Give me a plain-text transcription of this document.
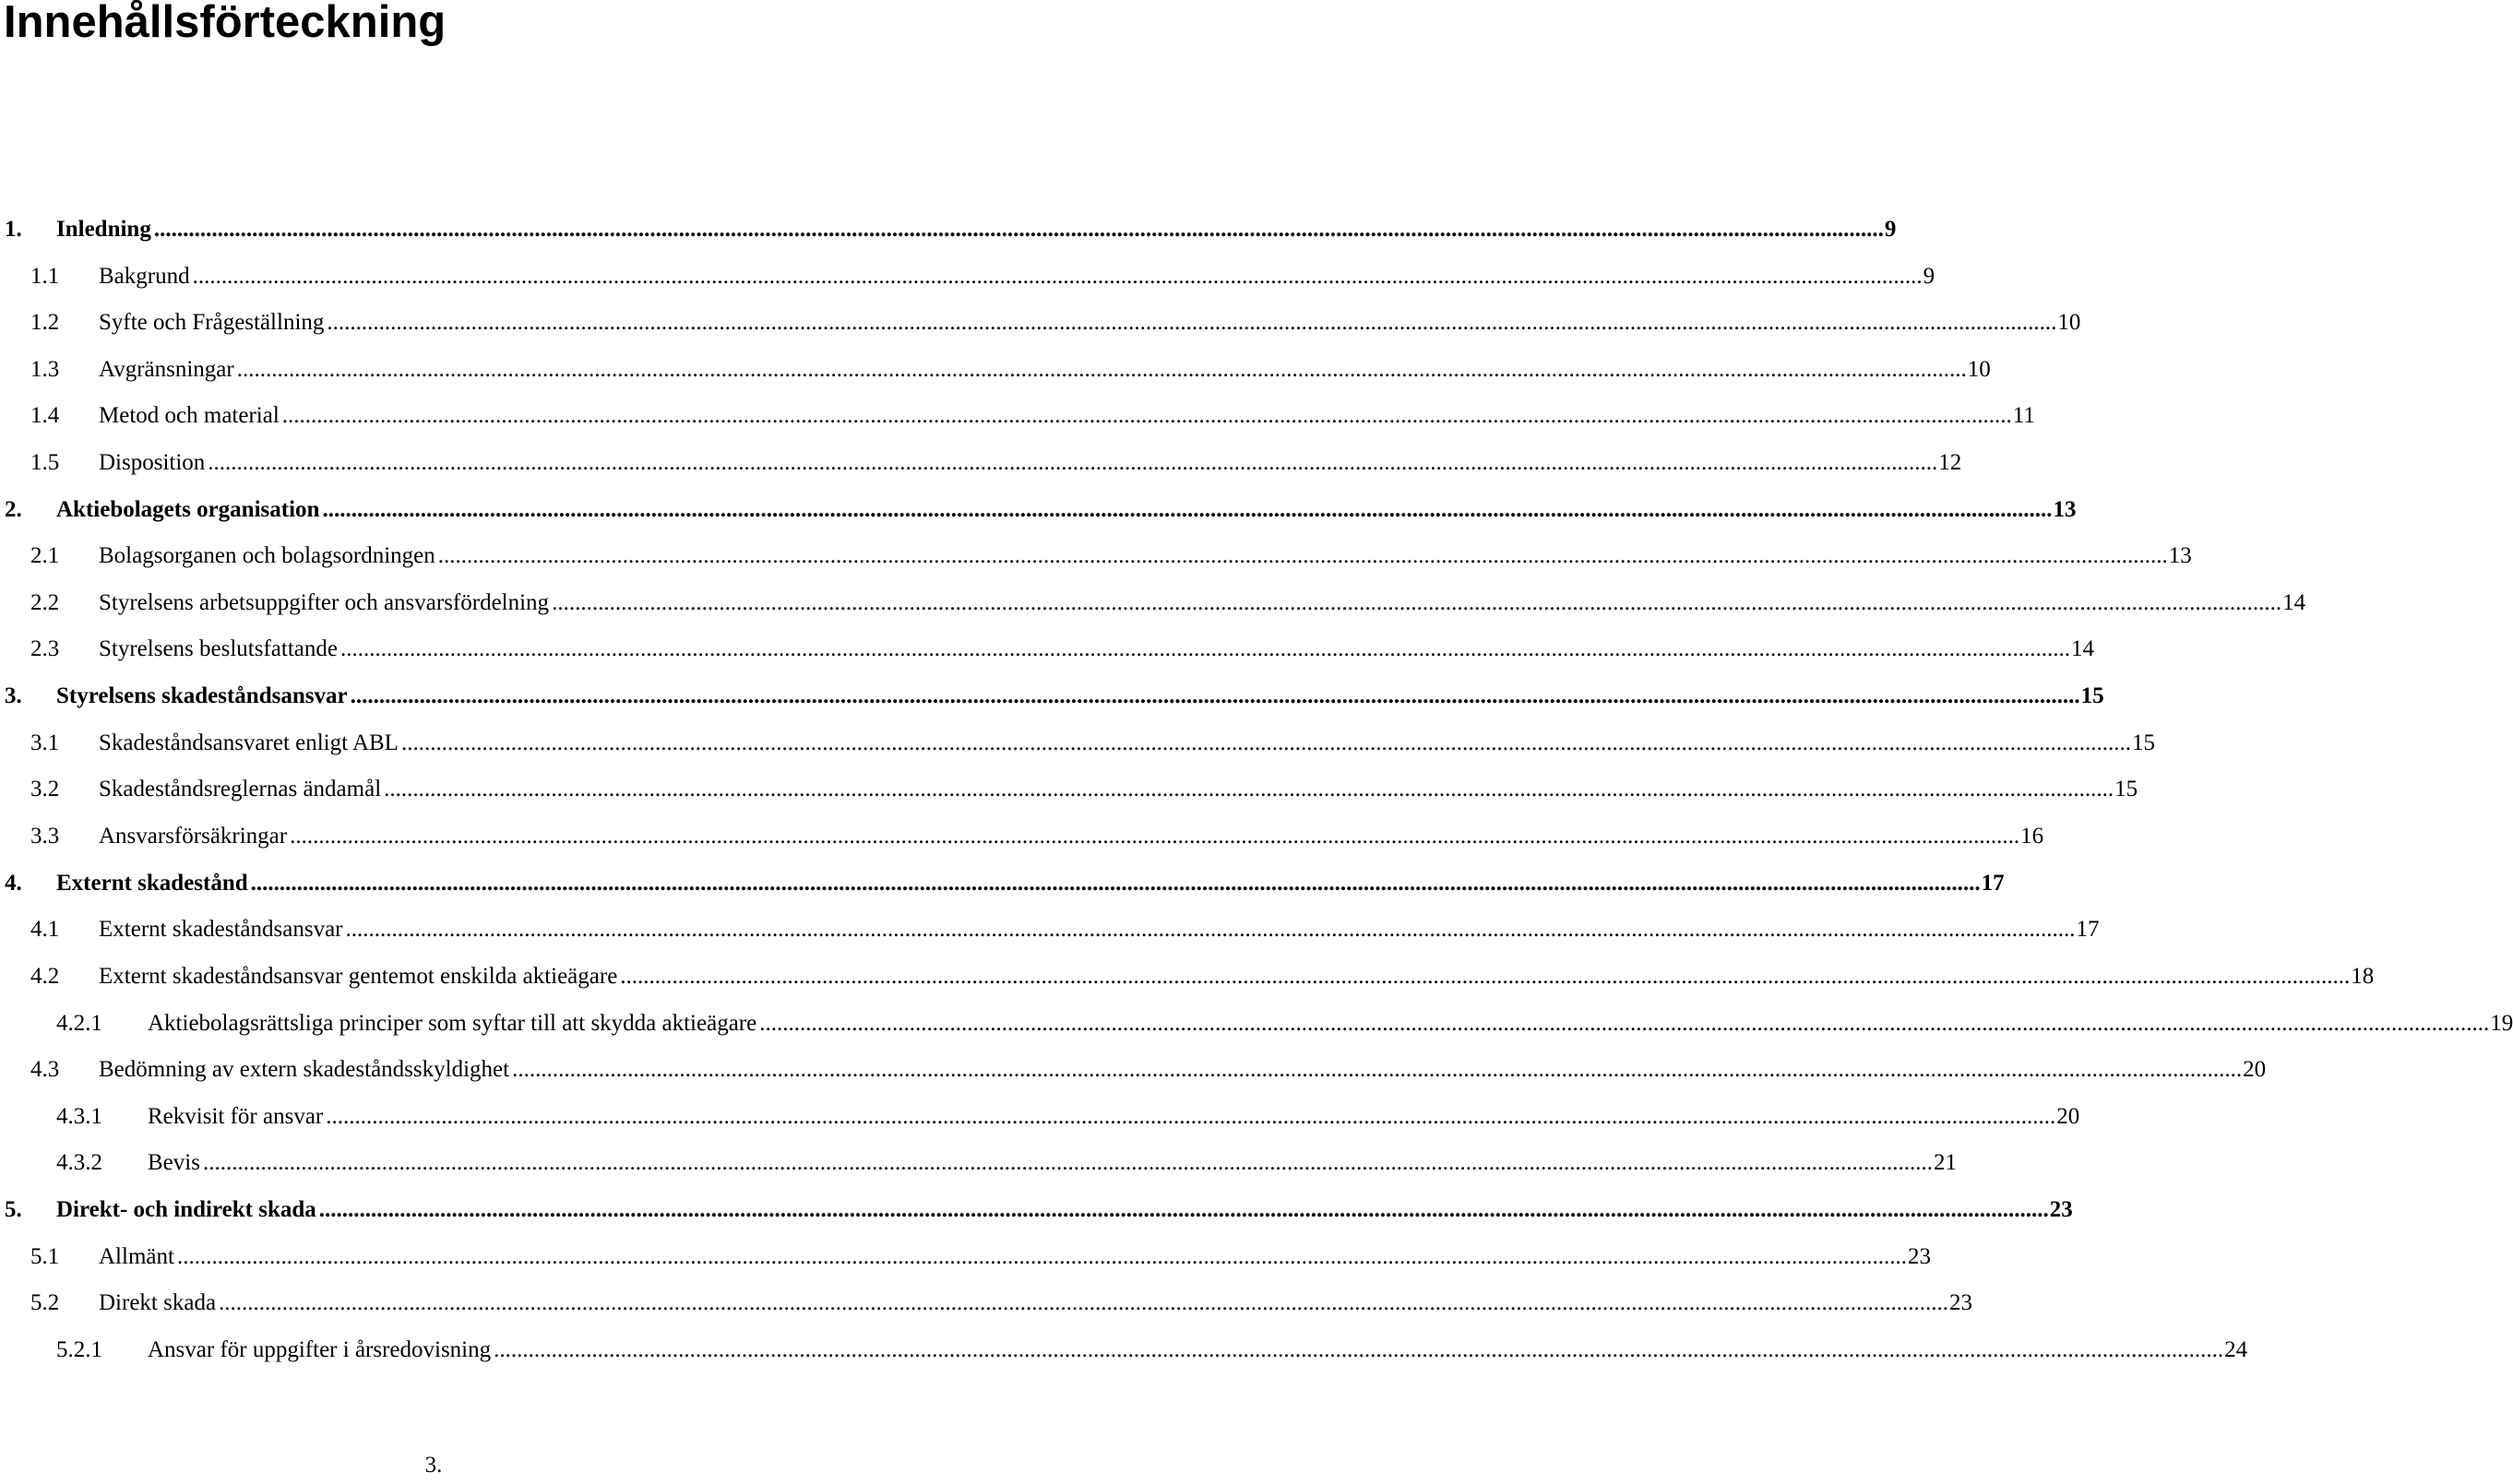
Innehållsförteckning
1. Inledning ............................................................................................................................................................................................................................................................................................................ 9
1.1 Bakgrund ............................................................................................................................................................................................................................................................................................................ 9
1.2 Syfte och Frågeställning ............................................................................................................................................................................................................................................................................................................ 10
1.3 Avgränsningar ............................................................................................................................................................................................................................................................................................................ 10
1.4 Metod och material ............................................................................................................................................................................................................................................................................................................ 11
1.5 Disposition ............................................................................................................................................................................................................................................................................................................ 12
2. Aktiebolagets organisation ............................................................................................................................................................................................................................................................................................................ 13
2.1 Bolagsorganen och bolagsordningen ............................................................................................................................................................................................................................................................................................................ 13
2.2 Styrelsens arbetsuppgifter och ansvarsfördelning ............................................................................................................................................................................................................................................................................................................ 14
2.3 Styrelsens beslutsfattande ............................................................................................................................................................................................................................................................................................................ 14
3. Styrelsens skadeståndsansvar ............................................................................................................................................................................................................................................................................................................ 15
3.1 Skadeståndsansvaret enligt ABL ............................................................................................................................................................................................................................................................................................................ 15
3.2 Skadeståndsreglernas ändamål ............................................................................................................................................................................................................................................................................................................ 15
3.3 Ansvarsförsäkringar ............................................................................................................................................................................................................................................................................................................ 16
4. Externt skadestånd ............................................................................................................................................................................................................................................................................................................ 17
4.1 Externt skadeståndsansvar ............................................................................................................................................................................................................................................................................................................ 17
4.2 Externt skadeståndsansvar gentemot enskilda aktieägare ............................................................................................................................................................................................................................................................................................................ 18
4.2.1 Aktiebolagsrättsliga principer som syftar till att skydda aktieägare ............................................................................................................................................................................................................................................................................................................ 19
4.3 Bedömning av extern skadeståndsskyldighet ............................................................................................................................................................................................................................................................................................................ 20
4.3.1 Rekvisit för ansvar ............................................................................................................................................................................................................................................................................................................ 20
4.3.2 Bevis ............................................................................................................................................................................................................................................................................................................ 21
5. Direkt- och indirekt skada ............................................................................................................................................................................................................................................................................................................ 23
5.1 Allmänt ............................................................................................................................................................................................................................................................................................................ 23
5.2 Direkt skada ............................................................................................................................................................................................................................................................................................................ 23
5.2.1 Ansvar för uppgifter i årsredovisning ............................................................................................................................................................................................................................................................................................................ 24
3.
